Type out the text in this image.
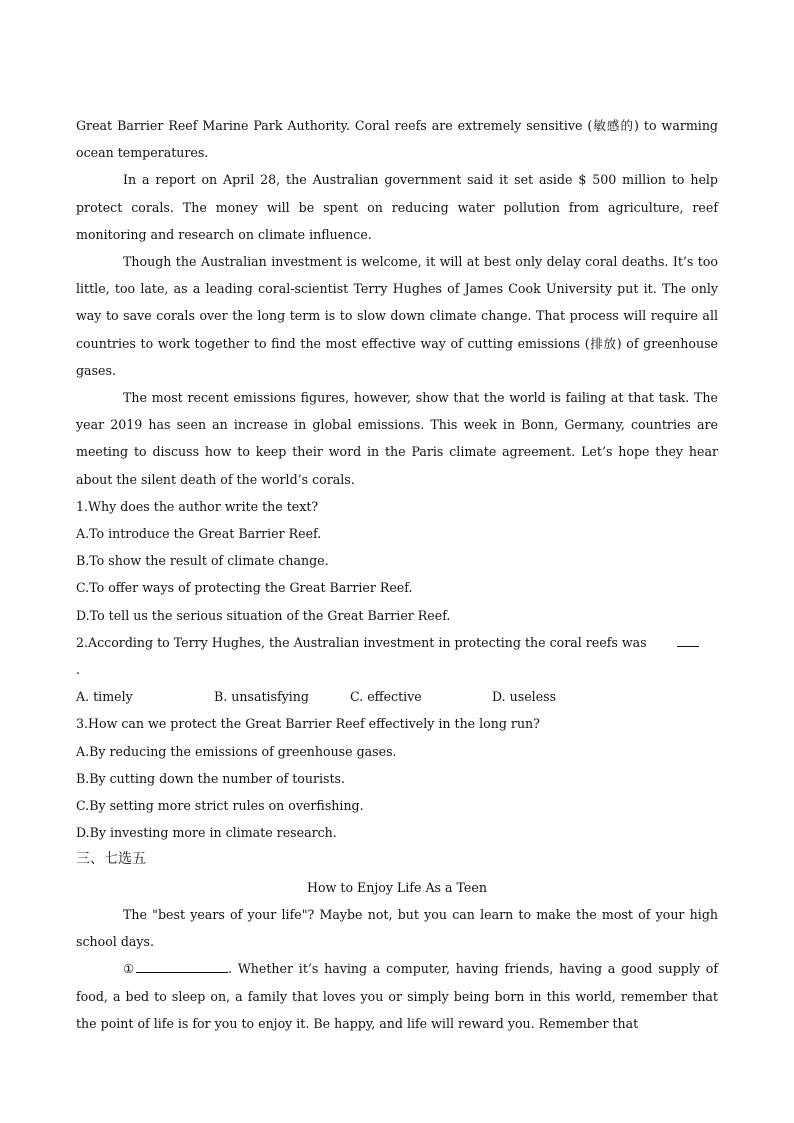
Great Barrier Reef Marine Park Authority. Coral reefs are extremely sensitive (敏感的) to warming ocean temperatures.

In a report on April 28, the Australian government said it set aside $ 500 million to help protect corals. The money will be spent on reducing water pollution from agriculture, reef monitoring and research on climate influence.

Though the Australian investment is welcome, it will at best only delay coral deaths. It’s too little, too late, as a leading coral-scientist Terry Hughes of James Cook University put it. The only way to save corals over the long term is to slow down climate change. That process will require all countries to work together to find the most effective way of cutting emissions (排放) of greenhouse gases.

The most recent emissions figures, however, show that the world is failing at that task. The year 2019 has seen an increase in global emissions. This week in Bonn, Germany, countries are meeting to discuss how to keep their word in the Paris climate agreement. Let’s hope they hear about the silent death of the world’s corals.

1.Why does the author write the text?

A.To introduce the Great Barrier Reef.

B.To show the result of climate change.

C.To offer ways of protecting the Great Barrier Reef.

D.To tell us the serious situation of the Great Barrier Reef.

2.According to Terry Hughes, the Australian investment in protecting the coral reefs was

.

A. timely	B. unsatisfying	C. effective	D. useless

3.How can we protect the Great Barrier Reef effectively in the long run?

A.By reducing the emissions of greenhouse gases.

B.By cutting down the number of tourists.

C.By setting more strict rules on overfishing.

D.By investing more in climate research.

三、七选五

How to Enjoy Life As a Teen

The "best years of your life"? Maybe not, but you can learn to make the most of your high school days.

①	. Whether it’s having a computer, having friends, having a good supply of food, a bed to sleep on, a family that loves you or simply being born in this world, remember that the point of life is for you to enjoy it. Be happy, and life will reward you. Remember that
